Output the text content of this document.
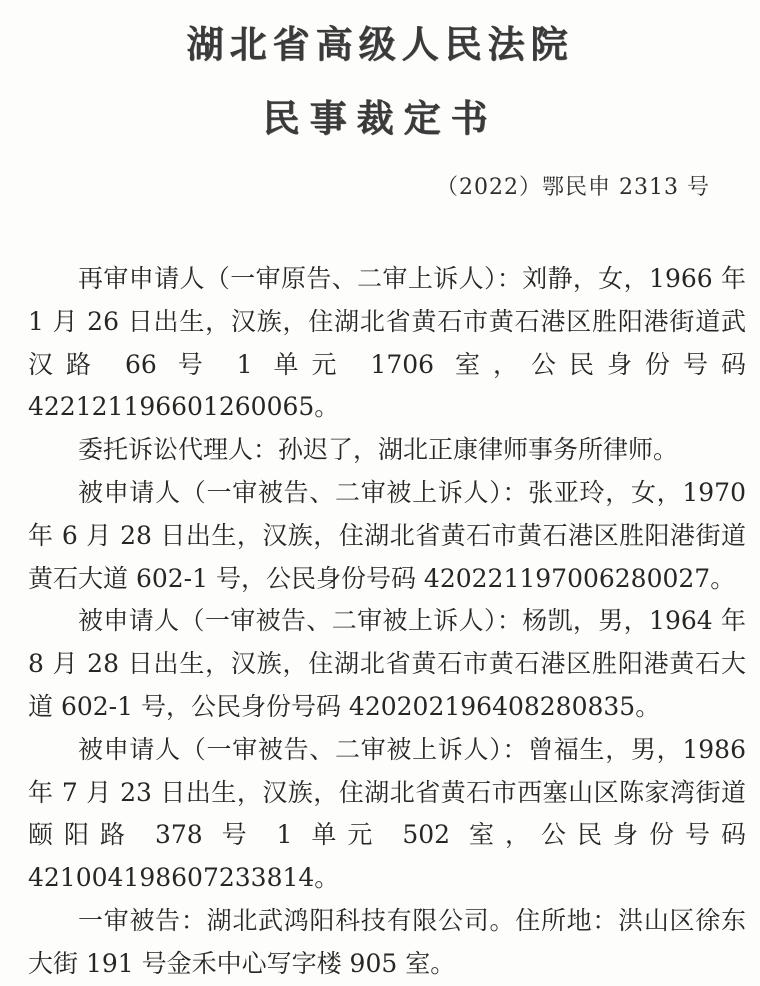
湖北省高级人民法院
民事裁定书
（2022）鄂民申 2313 号

再审申请人（一审原告、二审上诉人）：刘静，女，1966 年 1 月 26 日出生，汉族，住湖北省黄石市黄石港区胜阳港街道武汉路 66 号 1 单元 1706 室，公民身份号码 422121196601260065。

委托诉讼代理人：孙迟了，湖北正康律师事务所律师。

被申请人（一审被告、二审被上诉人）：张亚玲，女，1970 年 6 月 28 日出生，汉族，住湖北省黄石市黄石港区胜阳港街道黄石大道 602-1 号，公民身份号码 420221197006280027。

被申请人（一审被告、二审被上诉人）：杨凯，男，1964 年 8 月 28 日出生，汉族，住湖北省黄石市黄石港区胜阳港黄石大道 602-1 号，公民身份号码 420202196408280835。

被申请人（一审被告、二审被上诉人）：曾福生，男，1986 年 7 月 23 日出生，汉族，住湖北省黄石市西塞山区陈家湾街道颐阳路 378 号 1 单元 502 室，公民身份号码 421004198607233814。

一审被告：湖北武鸿阳科技有限公司。住所地：洪山区徐东大街 191 号金禾中心写字楼 905 室。
